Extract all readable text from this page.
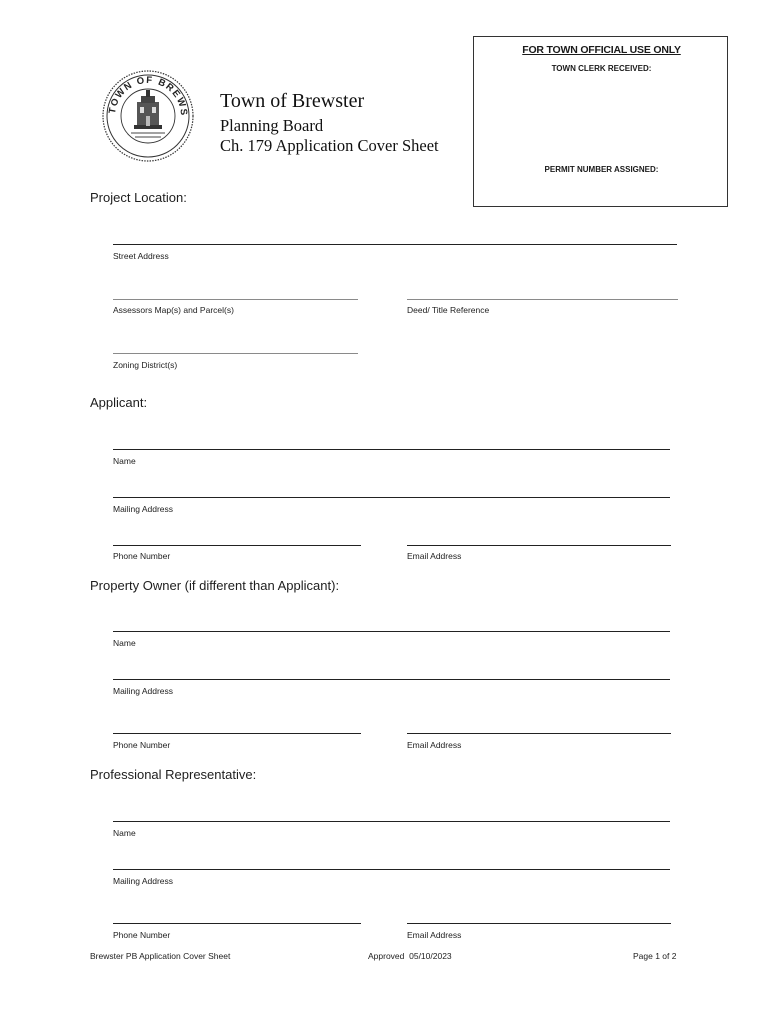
FOR TOWN OFFICIAL USE ONLY
TOWN CLERK RECEIVED:
PERMIT NUMBER ASSIGNED:
TOWN OF BREWS
Town of Brewster
Planning Board
Ch. 179 Application Cover Sheet
Project Location:
Street Address
Assessors Map(s) and Parcel(s)	Deed/ Title Reference
Zoning District(s)
Applicant:
Name
Mailing Address
Phone Number	Email Address
Property Owner (if different than Applicant):
Name
Mailing Address
Phone Number	Email Address
Professional Representative:
Name
Mailing Address
Phone Number	Email Address
Brewster PB Application Cover Sheet	Approved  05/10/2023	Page 1 of 2
